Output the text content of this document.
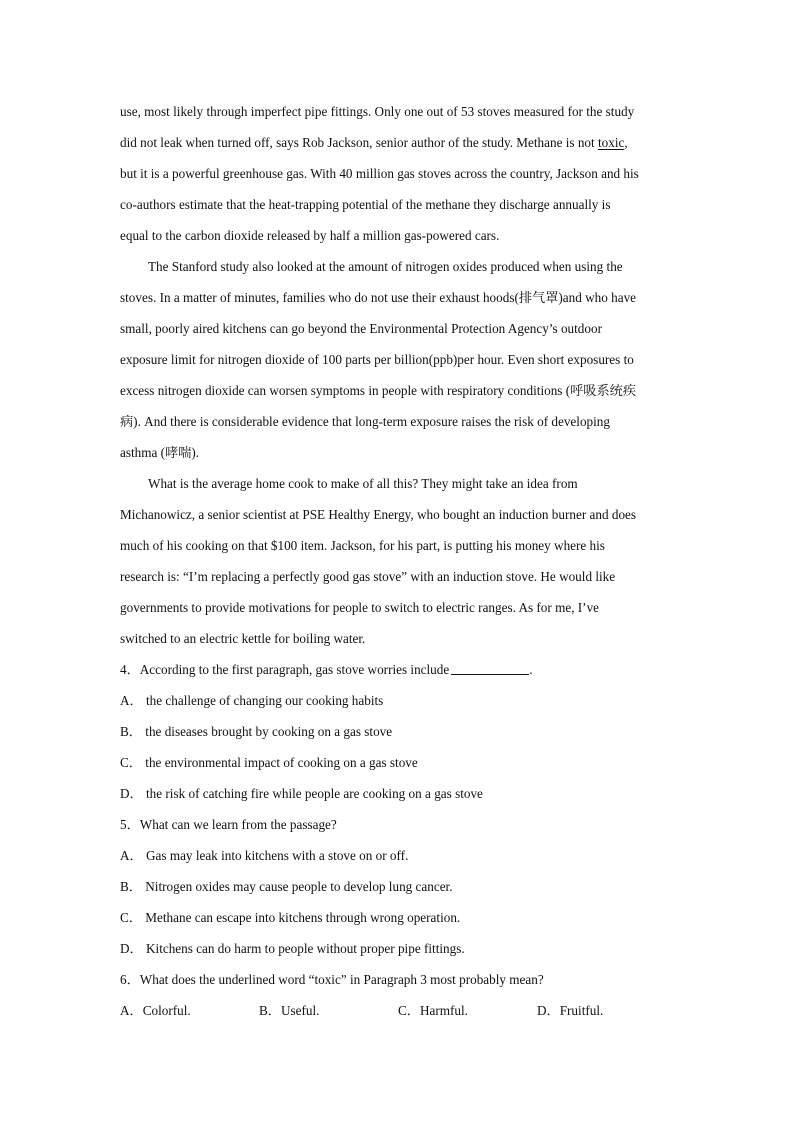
use, most likely through imperfect pipe fittings. Only one out of 53 stoves measured for the study
did not leak when turned off, says Rob Jackson, senior author of the study. Methane is not toxic,
but it is a powerful greenhouse gas. With 40 million gas stoves across the country, Jackson and his
co-authors estimate that the heat-trapping potential of the methane they discharge annually is
equal to the carbon dioxide released by half a million gas-powered cars.
The Stanford study also looked at the amount of nitrogen oxides produced when using the
stoves. In a matter of minutes, families who do not use their exhaust hoods(排气罩)and who have
small, poorly aired kitchens can go beyond the Environmental Protection Agency’s outdoor
exposure limit for nitrogen dioxide of 100 parts per billion(ppb)per hour. Even short exposures to
excess nitrogen dioxide can worsen symptoms in people with respiratory conditions (呼吸系统疾
病). And there is considerable evidence that long-term exposure raises the risk of developing
asthma (哮喘).
What is the average home cook to make of all this? They might take an idea from
Michanowicz, a senior scientist at PSE Healthy Energy, who bought an induction burner and does
much of his cooking on that $100 item. Jackson, for his part, is putting his money where his
research is: “I’m replacing a perfectly good gas stove” with an induction stove. He would like
governments to provide motivations for people to switch to electric ranges. As for me, I’ve
switched to an electric kettle for boiling water.
4．According to the first paragraph, gas stove worries include	.
A． the challenge of changing our cooking habits
B． the diseases brought by cooking on a gas stove
C． the environmental impact of cooking on a gas stove
D． the risk of catching fire while people are cooking on a gas stove
5．What can we learn from the passage?
A． Gas may leak into kitchens with a stove on or off.
B． Nitrogen oxides may cause people to develop lung cancer.
C． Methane can escape into kitchens through wrong operation.
D． Kitchens can do harm to people without proper pipe fittings.
6．What does the underlined word “toxic” in Paragraph 3 most probably mean?
A．Colorful.	B．Useful.	C．Harmful.	D．Fruitful.
